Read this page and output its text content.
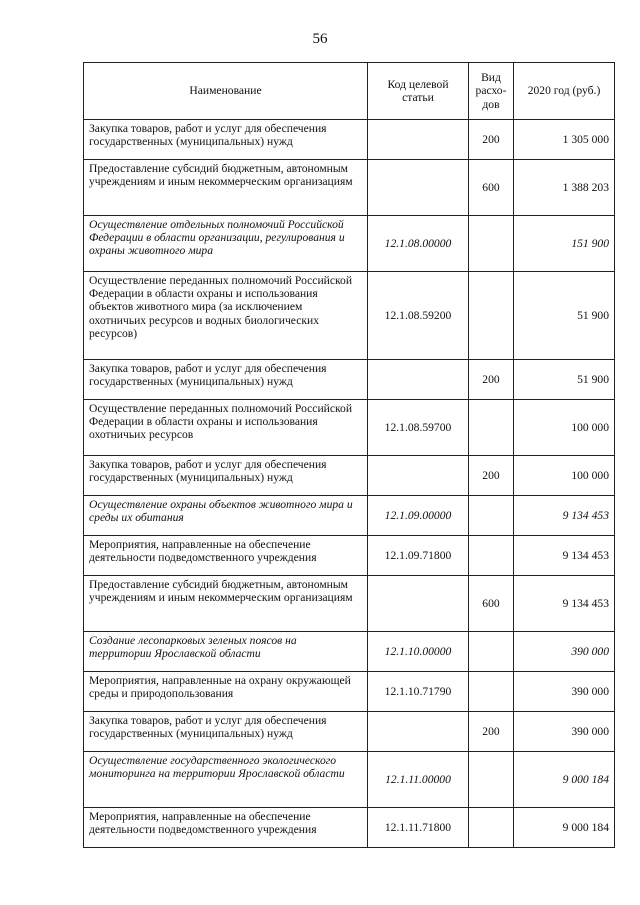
56
Наименование	Код целевой статьи	Вид расхо-дов	2020 год (руб.)
Закупка товаров, работ и услуг для обеспечения государственных (муниципальных) нужд		200	1 305 000
Предоставление субсидий бюджетным, автономным учреждениям и иным некоммерческим организациям		600	1 388 203
Осуществление отдельных полномочий Российской Федерации в области организации, регулирования и охраны животного мира	12.1.08.00000		151 900
Осуществление переданных полномочий Российской Федерации в области охраны и использования объектов животного мира (за исключением охотничьих ресурсов и водных биологических ресурсов)	12.1.08.59200		51 900
Закупка товаров, работ и услуг для обеспечения государственных (муниципальных) нужд		200	51 900
Осуществление переданных полномочий Российской Федерации в области охраны и использования охотничьих ресурсов	12.1.08.59700		100 000
Закупка товаров, работ и услуг для обеспечения государственных (муниципальных) нужд		200	100 000
Осуществление охраны объектов животного мира и среды их обитания	12.1.09.00000		9 134 453
Мероприятия, направленные на обеспечение деятельности подведомственного учреждения	12.1.09.71800		9 134 453
Предоставление субсидий бюджетным, автономным учреждениям и иным некоммерческим организациям		600	9 134 453
Создание лесопарковых зеленых поясов на территории Ярославской области	12.1.10.00000		390 000
Мероприятия, направленные на охрану окружающей среды и природопользования	12.1.10.71790		390 000
Закупка товаров, работ и услуг для обеспечения государственных (муниципальных) нужд		200	390 000
Осуществление государственного экологического мониторинга на территории Ярославской области	12.1.11.00000		9 000 184
Мероприятия, направленные на обеспечение деятельности подведомственного учреждения	12.1.11.71800		9 000 184
